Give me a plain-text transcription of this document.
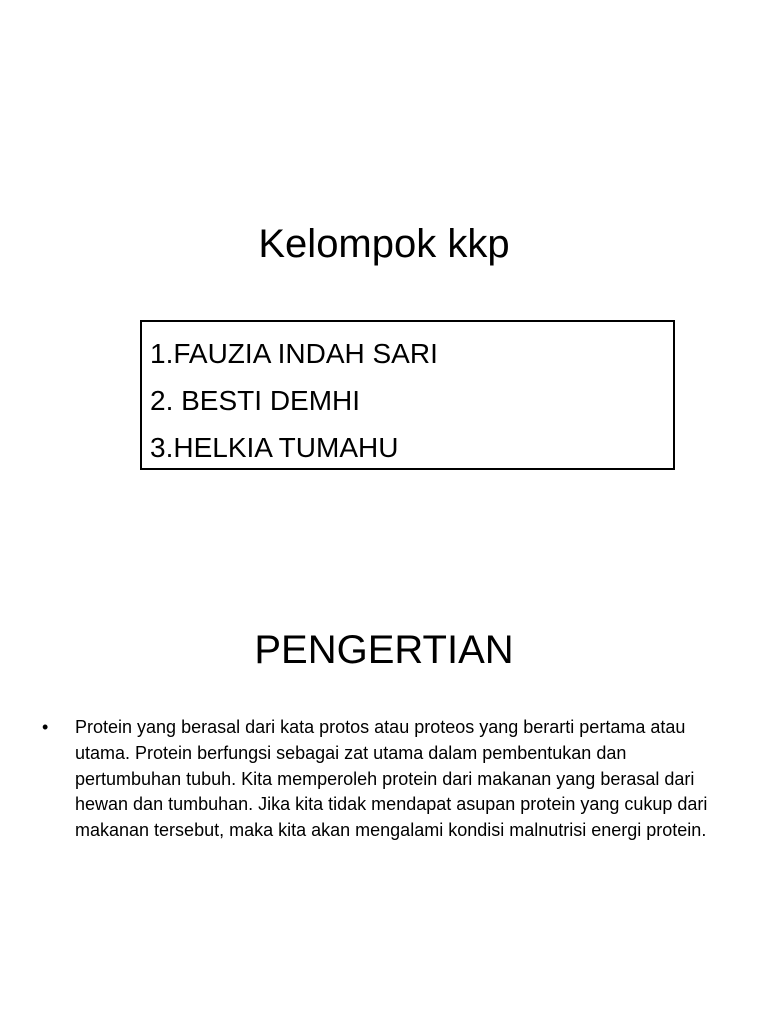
Kelompok kkp

1.FAUZIA INDAH SARI

2. BESTI DEMHI

3.HELKIA TUMAHU

PENGERTIAN
• Protein yang berasal dari kata protos atau proteos yang berarti pertama atau utama. Protein berfungsi sebagai zat utama dalam pembentukan dan pertumbuhan tubuh. Kita memperoleh protein dari makanan yang berasal dari hewan dan tumbuhan. Jika kita tidak mendapat asupan protein yang cukup dari makanan tersebut, maka kita akan mengalami kondisi malnutrisi energi protein.
